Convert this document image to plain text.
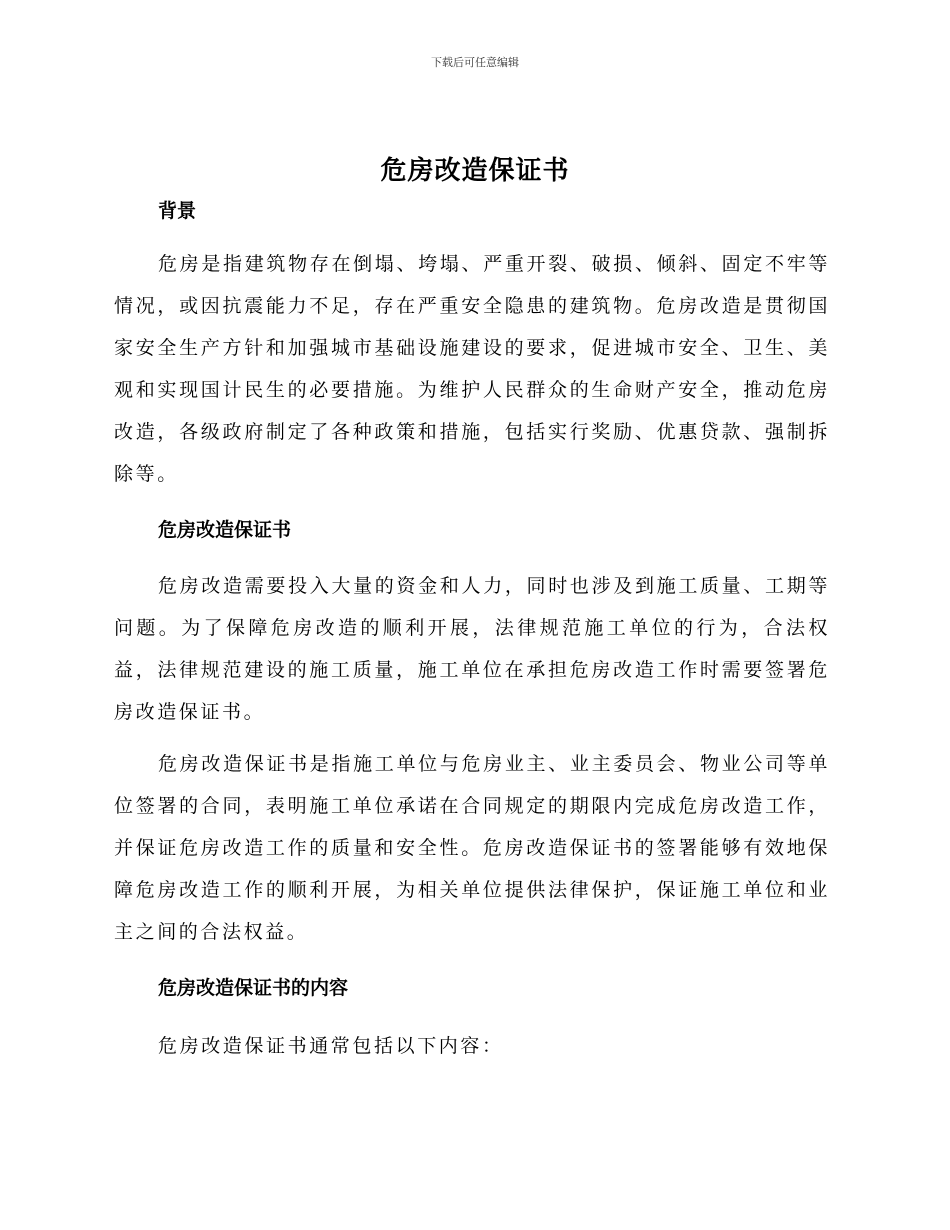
下载后可任意编辑
危房改造保证书

背景

危房是指建筑物存在倒塌、垮塌、严重开裂、破损、倾斜、固定不牢等情况，或因抗震能力不足，存在严重安全隐患的建筑物。危房改造是贯彻国家安全生产方针和加强城市基础设施建设的要求，促进城市安全、卫生、美观和实现国计民生的必要措施。为维护人民群众的生命财产安全，推动危房改造，各级政府制定了各种政策和措施，包括实行奖励、优惠贷款、强制拆除等。

危房改造保证书

危房改造需要投入大量的资金和人力，同时也涉及到施工质量、工期等问题。为了保障危房改造的顺利开展，法律规范施工单位的行为，合法权益，法律规范建设的施工质量，施工单位在承担危房改造工作时需要签署危房改造保证书。

危房改造保证书是指施工单位与危房业主、业主委员会、物业公司等单位签署的合同，表明施工单位承诺在合同规定的期限内完成危房改造工作，并保证危房改造工作的质量和安全性。危房改造保证书的签署能够有效地保障危房改造工作的顺利开展，为相关单位提供法律保护，保证施工单位和业主之间的合法权益。

危房改造保证书的内容

危房改造保证书通常包括以下内容：
